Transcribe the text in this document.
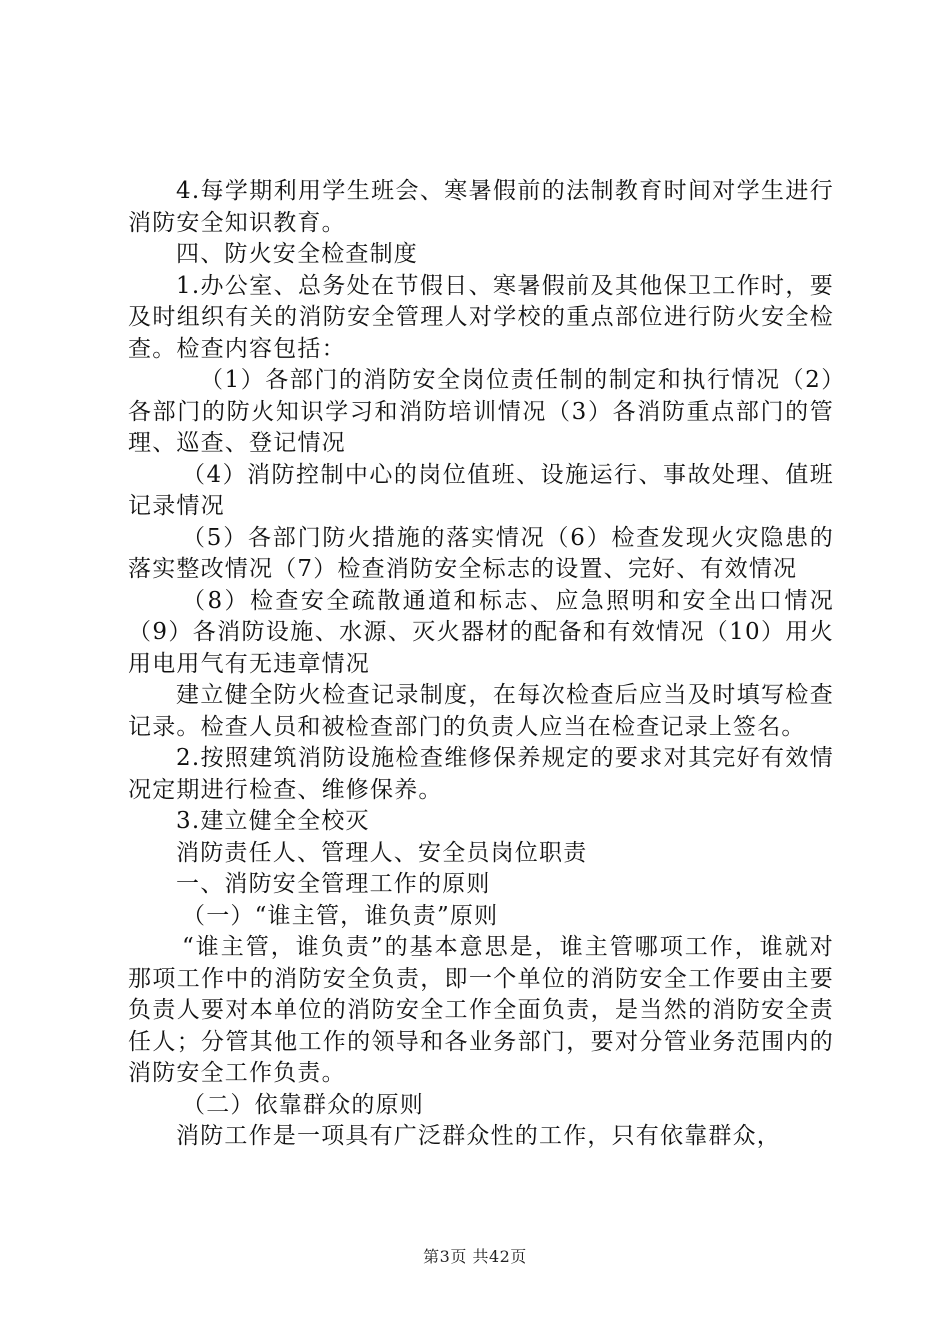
4.每学期利用学生班会、寒暑假前的法制教育时间对学生进行消防安全知识教育。

四、防火安全检查制度

1.办公室、总务处在节假日、寒暑假前及其他保卫工作时，要及时组织有关的消防安全管理人对学校的重点部位进行防火安全检查。检查内容包括：

（1）各部门的消防安全岗位责任制的制定和执行情况（2）各部门的防火知识学习和消防培训情况（3）各消防重点部门的管理、巡查、登记情况

（4）消防控制中心的岗位值班、设施运行、事故处理、值班记录情况

（5）各部门防火措施的落实情况（6）检查发现火灾隐患的落实整改情况（7）检查消防安全标志的设置、完好、有效情况

（8）检查安全疏散通道和标志、应急照明和安全出口情况（9）各消防设施、水源、灭火器材的配备和有效情况（10）用火用电用气有无违章情况

建立健全防火检查记录制度，在每次检查后应当及时填写检查记录。检查人员和被检查部门的负责人应当在检查记录上签名。

2.按照建筑消防设施检查维修保养规定的要求对其完好有效情况定期进行检查、维修保养。

3.建立健全全校灭

消防责任人、管理人、安全员岗位职责

一、消防安全管理工作的原则

（一）“谁主管，谁负责”原则

“谁主管，谁负责”的基本意思是，谁主管哪项工作，谁就对那项工作中的消防安全负责，即一个单位的消防安全工作要由主要负责人要对本单位的消防安全工作全面负责，是当然的消防安全责任人；分管其他工作的领导和各业务部门，要对分管业务范围内的消防安全工作负责。

（二）依靠群众的原则

消防工作是一项具有广泛群众性的工作，只有依靠群众，

第3页 共42页
